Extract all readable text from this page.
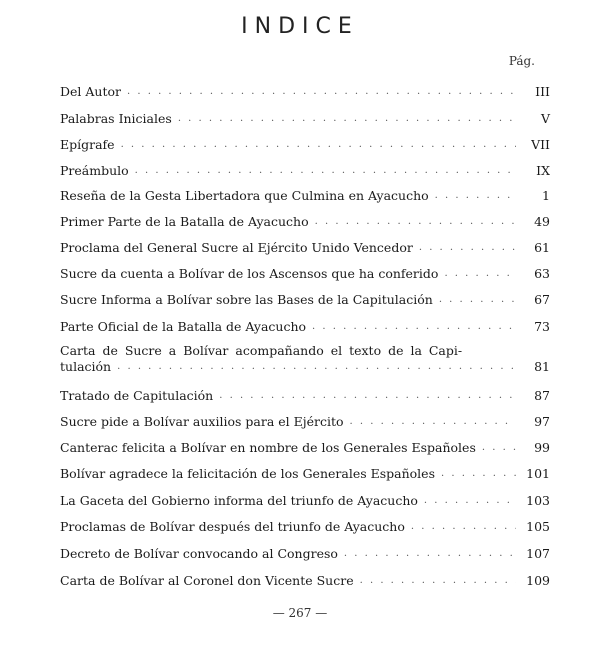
INDICE
Pág.
Del Autor . . .	III
Palabras Iniciales . . .	V
Epígrafe . . .	VII
Preámbulo . . .	IX
Reseña de la Gesta Libertadora que Culmina en Ayacucho . . .	1
Primer Parte de la Batalla de Ayacucho . . .	49
Proclama del General Sucre al Ejército Unido Vencedor . . .	61
Sucre da cuenta a Bolívar de los Ascensos que ha conferido . . .	63
Sucre Informa a Bolívar sobre las Bases de la Capitulación . . .	67
Parte Oficial de la Batalla de Ayacucho . . .	73
Carta de Sucre a Bolívar acompañando el texto de la Capi-
tulación . . .	81
Tratado de Capitulación . . .	87
Sucre pide a Bolívar auxilios para el Ejército . . .	97
Canterac felicita a Bolívar en nombre de los Generales Españoles . . .	99
Bolívar agradece la felicitación de los Generales Españoles . . .	101
La Gaceta del Gobierno informa del triunfo de Ayacucho . . .	103
Proclamas de Bolívar después del triunfo de Ayacucho . . .	105
Decreto de Bolívar convocando al Congreso . . .	107
Carta de Bolívar al Coronel don Vicente Sucre . . .	109
— 267 —
